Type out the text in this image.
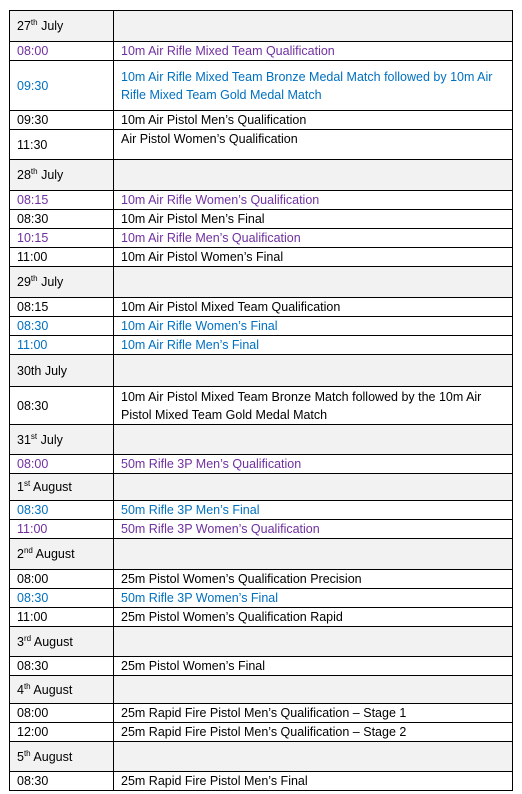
27th July	
08:00	10m Air Rifle Mixed Team Qualification
09:30	10m Air Rifle Mixed Team Bronze Medal Match followed by 10m Air Rifle Mixed Team Gold Medal Match
09:30	10m Air Pistol Men’s Qualification
11:30	Air Pistol Women’s Qualification
28th July	
08:15	10m Air Rifle Women’s Qualification
08:30	10m Air Pistol Men’s Final
10:15	10m Air Rifle Men’s Qualification
11:00	10m Air Pistol Women’s Final
29th July	
08:15	10m Air Pistol Mixed Team Qualification
08:30	10m Air Rifle Women’s Final
11:00	10m Air Rifle Men’s Final
30th July	
08:30	10m Air Pistol Mixed Team Bronze Match followed by the 10m Air Pistol Mixed Team Gold Medal Match
31st July	
08:00	50m Rifle 3P Men’s Qualification
1st August	
08:30	50m Rifle 3P Men’s Final
11:00	50m Rifle 3P Women’s Qualification
2nd August	
08:00	25m Pistol Women’s Qualification Precision
08:30	50m Rifle 3P Women’s Final
11:00	25m Pistol Women’s Qualification Rapid
3rd August	
08:30	25m Pistol Women’s Final
4th August	
08:00	25m Rapid Fire Pistol Men’s Qualification – Stage 1
12:00	25m Rapid Fire Pistol Men’s Qualification – Stage 2
5th August	
08:30	25m Rapid Fire Pistol Men’s Final
